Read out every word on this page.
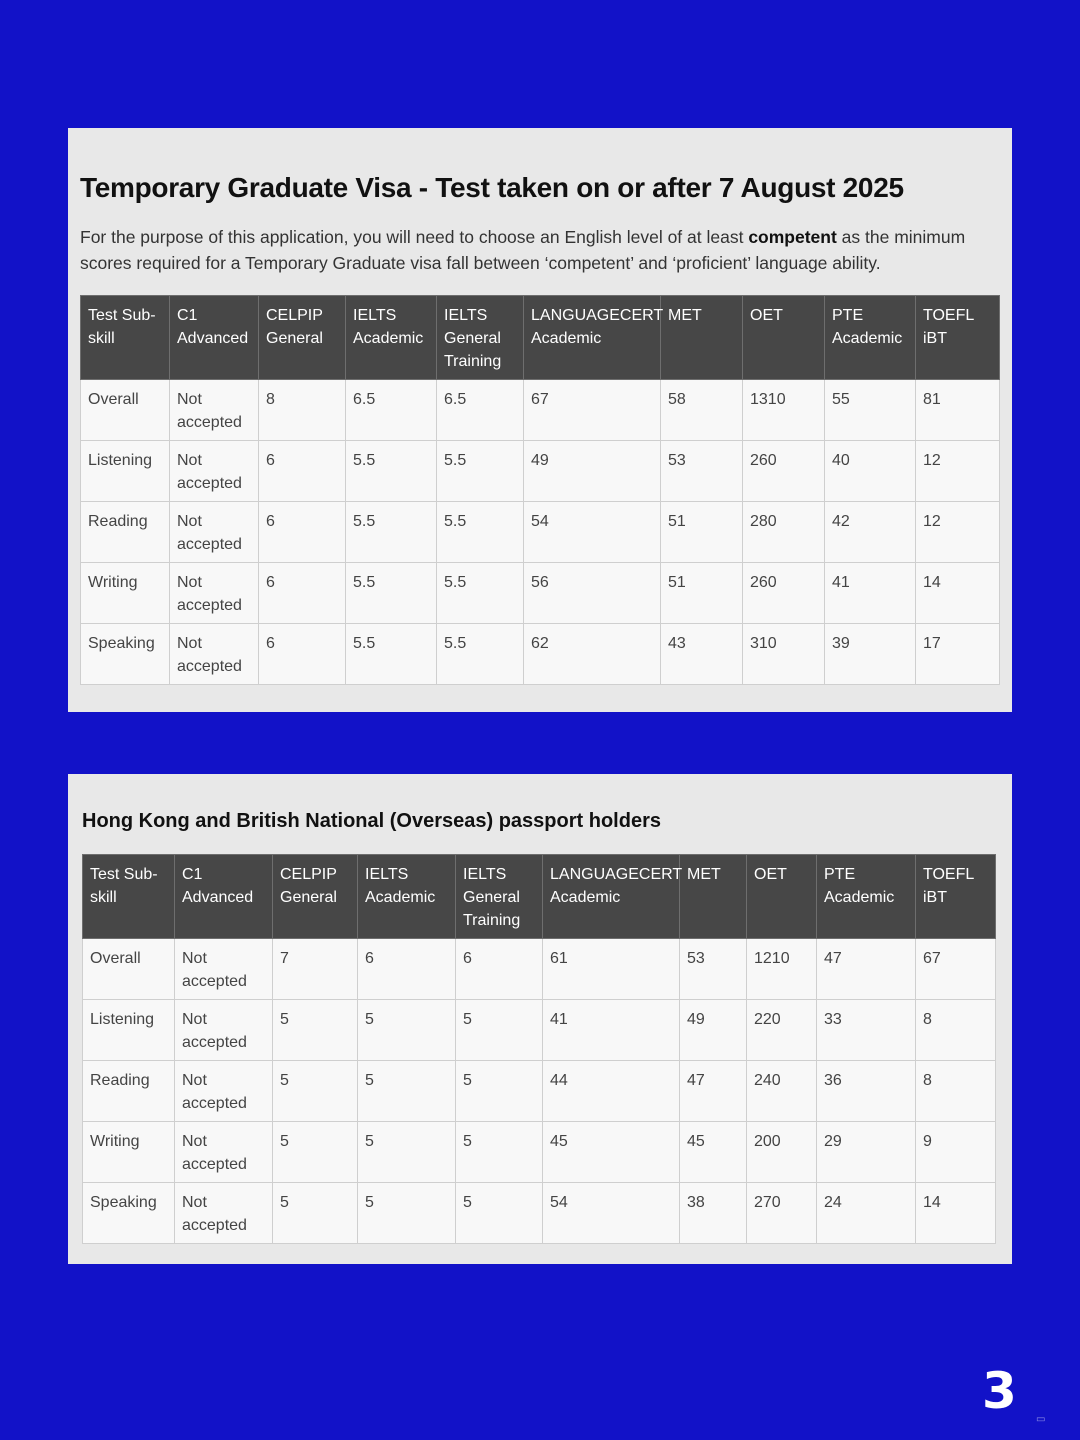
Temporary Graduate Visa - Test taken on or after 7 August 2025

For the purpose of this application, you will need to choose an English level of at least competent as the minimum scores required for a Temporary Graduate visa fall between ‘competent’ and ‘proficient’ language ability.

Test Sub-skill	C1 Advanced	CELPIP General	IELTS Academic	IELTS General Training	LANGUAGECERT Academic	MET	OET	PTE Academic	TOEFL iBT
Overall	Not accepted	8	6.5	6.5	67	58	1310	55	81
Listening	Not accepted	6	5.5	5.5	49	53	260	40	12
Reading	Not accepted	6	5.5	5.5	54	51	280	42	12
Writing	Not accepted	6	5.5	5.5	56	51	260	41	14
Speaking	Not accepted	6	5.5	5.5	62	43	310	39	17
Hong Kong and British National (Overseas) passport holders
Test Sub-skill	C1 Advanced	CELPIP General	IELTS Academic	IELTS General Training	LANGUAGECERT Academic	MET	OET	PTE Academic	TOEFL iBT
Overall	Not accepted	7	6	6	61	53	1210	47	67
Listening	Not accepted	5	5	5	41	49	220	33	8
Reading	Not accepted	5	5	5	44	47	240	36	8
Writing	Not accepted	5	5	5	45	45	200	29	9
Speaking	Not accepted	5	5	5	54	38	270	24	14
3 ▭
